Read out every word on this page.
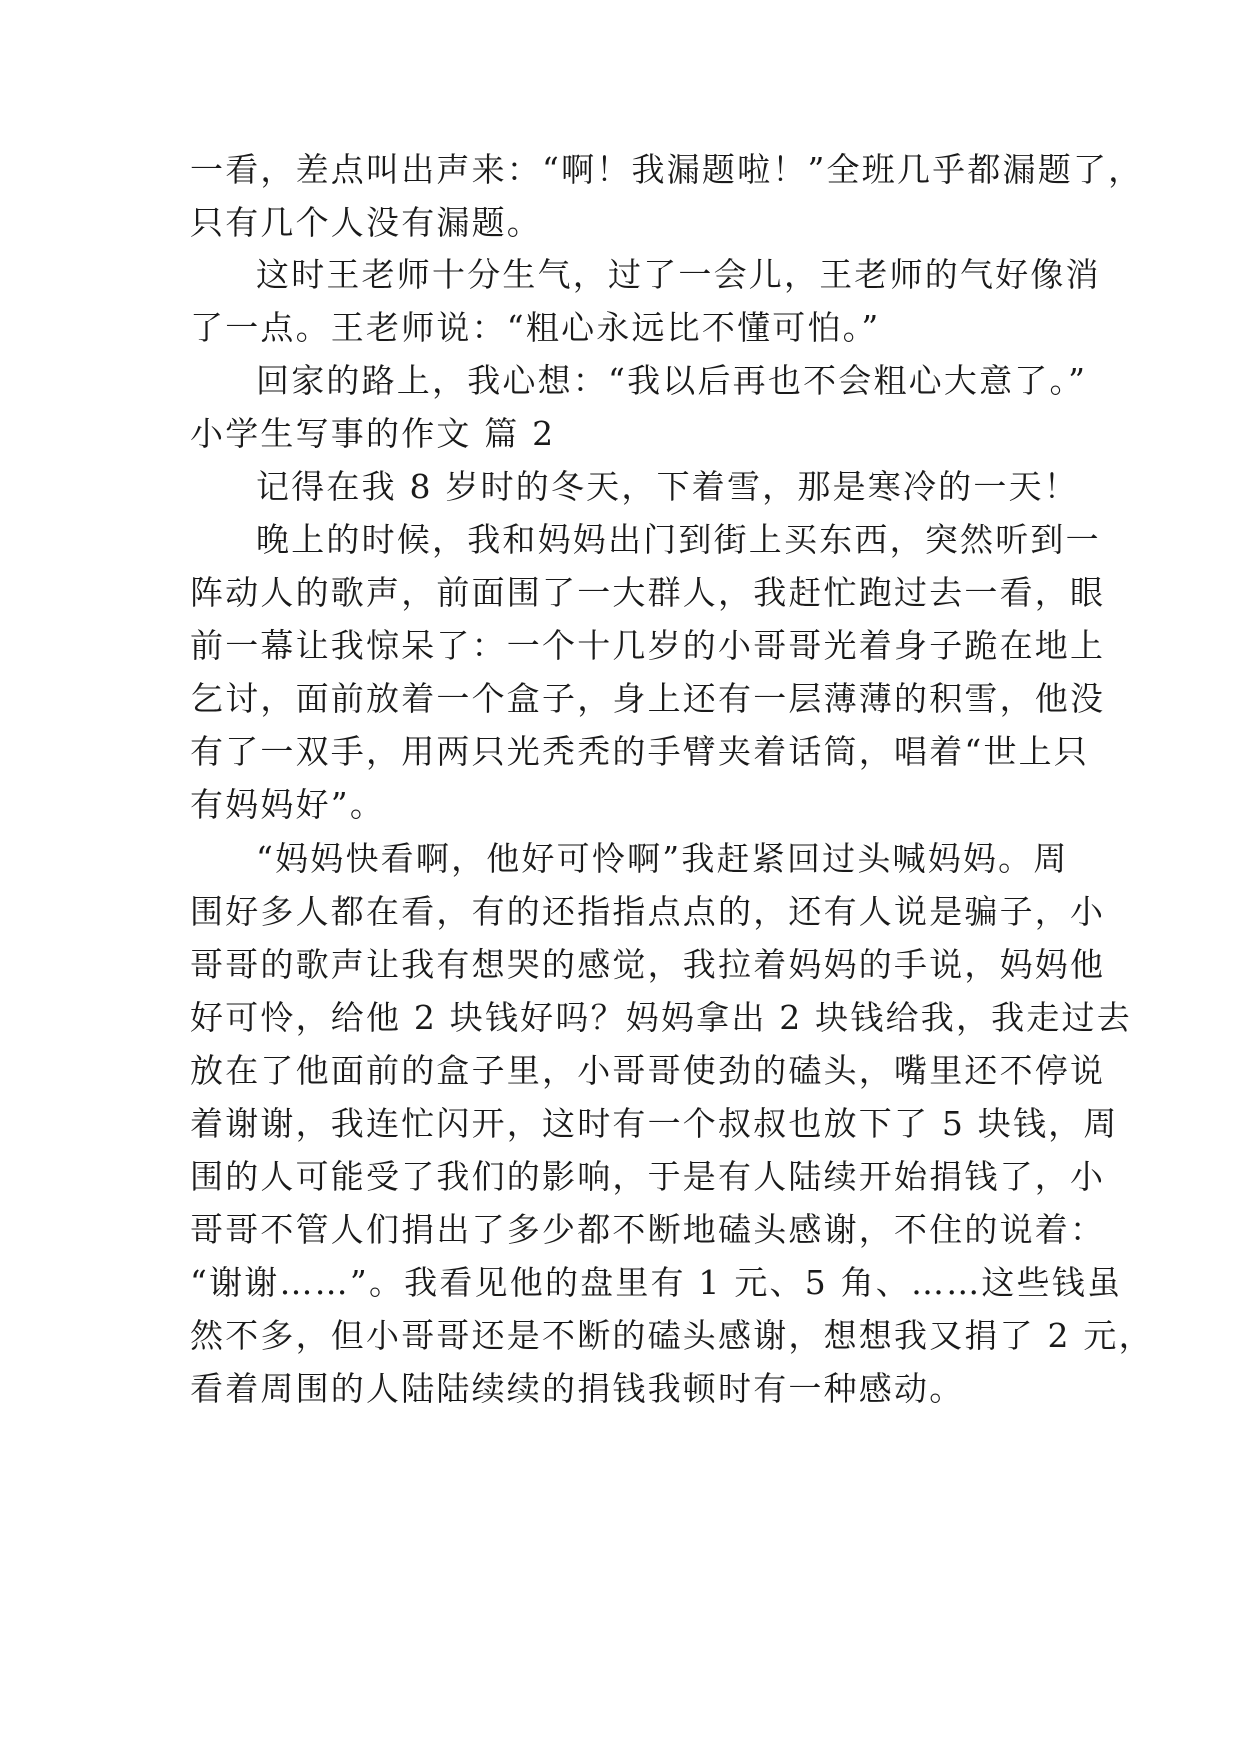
一看，差点叫出声来：“啊！我漏题啦！”全班几乎都漏题了，
只有几个人没有漏题。
这时王老师十分生气，过了一会儿，王老师的气好像消
了一点。王老师说：“粗心永远比不懂可怕。”
回家的路上，我心想：“我以后再也不会粗心大意了。”
小学生写事的作文 篇 2
记得在我 8 岁时的冬天，下着雪，那是寒冷的一天！
晚上的时候，我和妈妈出门到街上买东西，突然听到一
阵动人的歌声，前面围了一大群人，我赶忙跑过去一看，眼
前一幕让我惊呆了：一个十几岁的小哥哥光着身子跪在地上
乞讨，面前放着一个盒子，身上还有一层薄薄的积雪，他没
有了一双手，用两只光秃秃的手臂夹着话筒，唱着“世上只
有妈妈好”。
“妈妈快看啊，他好可怜啊”我赶紧回过头喊妈妈。周
围好多人都在看，有的还指指点点的，还有人说是骗子，小
哥哥的歌声让我有想哭的感觉，我拉着妈妈的手说，妈妈他
好可怜，给他 2 块钱好吗？妈妈拿出 2 块钱给我，我走过去
放在了他面前的盒子里，小哥哥使劲的磕头，嘴里还不停说
着谢谢，我连忙闪开，这时有一个叔叔也放下了 5 块钱，周
围的人可能受了我们的影响，于是有人陆续开始捐钱了，小
哥哥不管人们捐出了多少都不断地磕头感谢，不住的说着：
“谢谢……”。我看见他的盘里有 1 元、5 角、……这些钱虽
然不多，但小哥哥还是不断的磕头感谢，想想我又捐了 2 元，
看着周围的人陆陆续续的捐钱我顿时有一种感动。
